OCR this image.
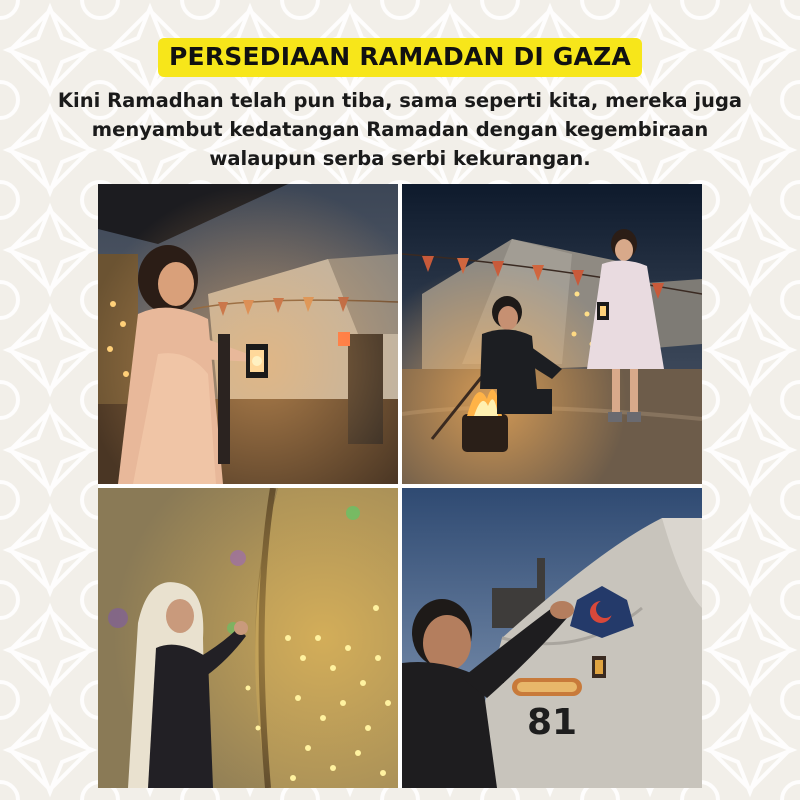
PERSEDIAAN RAMADAN DI GAZA

Kini Ramadhan telah pun tiba, sama seperti kita, mereka juga menyambut kedatangan Ramadan dengan kegembiraan walaupun serba serbi kekurangan.

81
